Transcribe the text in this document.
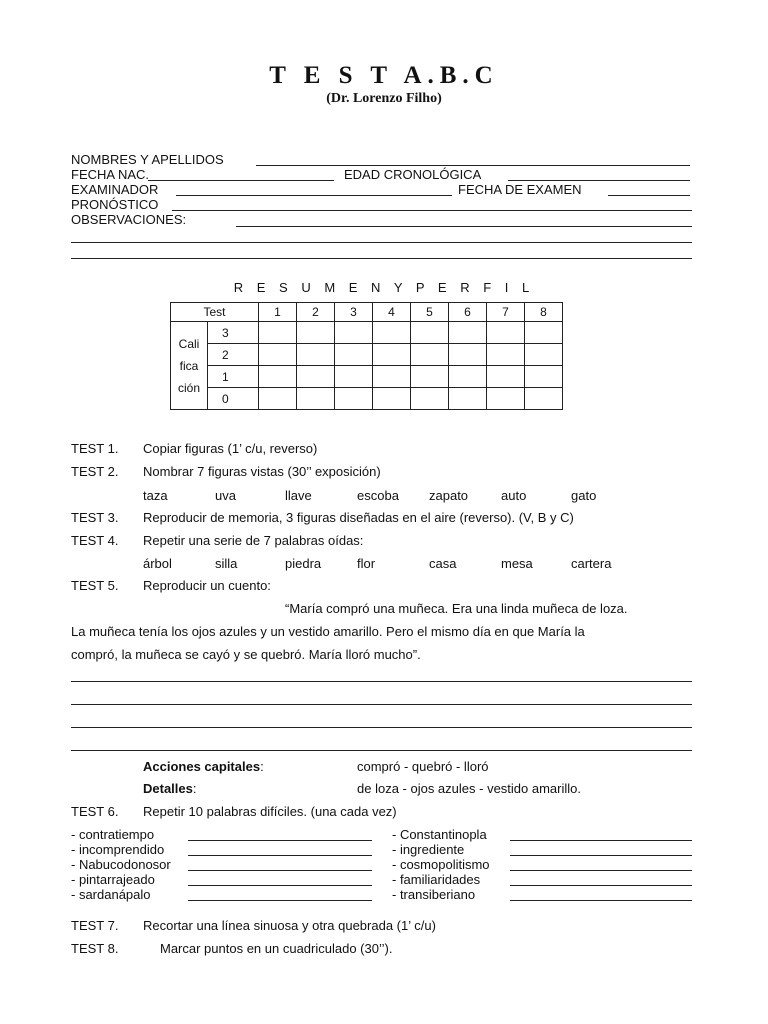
T E S T A.B.C
(Dr. Lorenzo Filho)
NOMBRES Y APELLIDOS
FECHA NAC.	EDAD CRONOLÓGICA
EXAMINADOR	FECHA DE EXAMEN
PRONÓSTICO
OBSERVACIONES:
R E S U M E N Y P E R F I L
Test		1	2	3	4	5	6	7	8

Cali
fica
ción	3								
	2								
	1								
	0								
TEST 1. Copiar figuras (1’ c/u, reverso)
TEST 2. Nombrar 7 figuras vistas (30’’ exposición)
taza	uva	llave	escoba zapato	auto	gato
TEST 3. Reproducir de memoria, 3 figuras diseñadas en el aire (reverso). (V, B y C)
TEST 4. Repetir una serie de 7 palabras oídas:
árbol	silla	piedra	flor	casa	mesa	cartera
TEST 5. Reproducir un cuento:
“María compró una muñeca. Era una linda muñeca de loza.
La muñeca tenía los ojos azules y un vestido amarillo. Pero el mismo día en que María la
compró, la muñeca se cayó y se quebró. María lloró mucho”.
Acciones capitales:	compró - quebró - lloró
Detalles:	de loza - ojos azules - vestido amarillo.
TEST 6. Repetir 10 palabras difíciles. (una cada vez)
- contratiempo
- incomprendido
- Nabucodonosor
- pintarrajeado
- sardanápalo
- Constantinopla
- ingrediente
- cosmopolitismo
- familiaridades
- transiberiano
TEST 7. Recortar una línea sinuosa y otra quebrada (1’ c/u)
TEST 8.	Marcar puntos en un cuadriculado (30’’).
